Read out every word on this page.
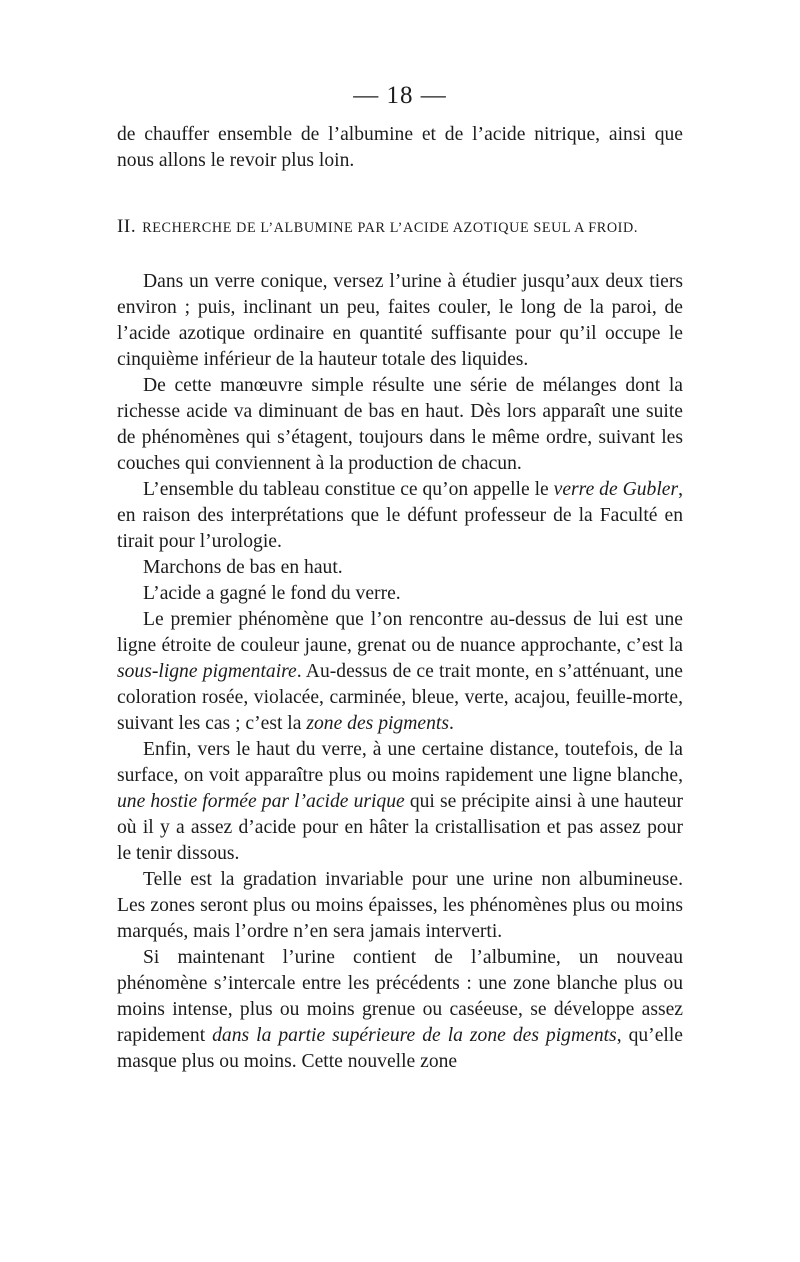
— 18 —

de chauffer ensemble de l’albumine et de l’acide nitrique, ainsi que nous allons le revoir plus loin.

II. RECHERCHE DE L’ALBUMINE PAR L’ACIDE AZOTIQUE SEUL A FROID.

Dans un verre conique, versez l’urine à étudier jusqu’aux deux tiers environ ; puis, inclinant un peu, faites couler, le long de la paroi, de l’acide azotique ordinaire en quantité suffisante pour qu’il occupe le cinquième inférieur de la hauteur totale des liquides.

De cette manœuvre simple résulte une série de mélanges dont la richesse acide va diminuant de bas en haut. Dès lors apparaît une suite de phénomènes qui s’étagent, toujours dans le même ordre, suivant les couches qui conviennent à la production de chacun.

L’ensemble du tableau constitue ce qu’on appelle le verre de Gubler, en raison des interprétations que le défunt professeur de la Faculté en tirait pour l’urologie.

Marchons de bas en haut.

L’acide a gagné le fond du verre.

Le premier phénomène que l’on rencontre au-dessus de lui est une ligne étroite de couleur jaune, grenat ou de nuance approchante, c’est la sous-ligne pigmentaire. Au-dessus de ce trait monte, en s’atténuant, une coloration rosée, violacée, carminée, bleue, verte, acajou, feuille-morte, suivant les cas ; c’est la zone des pigments.

Enfin, vers le haut du verre, à une certaine distance, toutefois, de la surface, on voit apparaître plus ou moins rapidement une ligne blanche, une hostie formée par l’acide urique qui se précipite ainsi à une hauteur où il y a assez d’acide pour en hâter la cristallisation et pas assez pour le tenir dissous.

Telle est la gradation invariable pour une urine non albumineuse. Les zones seront plus ou moins épaisses, les phénomènes plus ou moins marqués, mais l’ordre n’en sera jamais interverti.

Si maintenant l’urine contient de l’albumine, un nouveau phénomène s’intercale entre les précédents : une zone blanche plus ou moins intense, plus ou moins grenue ou caséeuse, se développe assez rapidement dans la partie supérieure de la zone des pigments, qu’elle masque plus ou moins. Cette nouvelle zone
